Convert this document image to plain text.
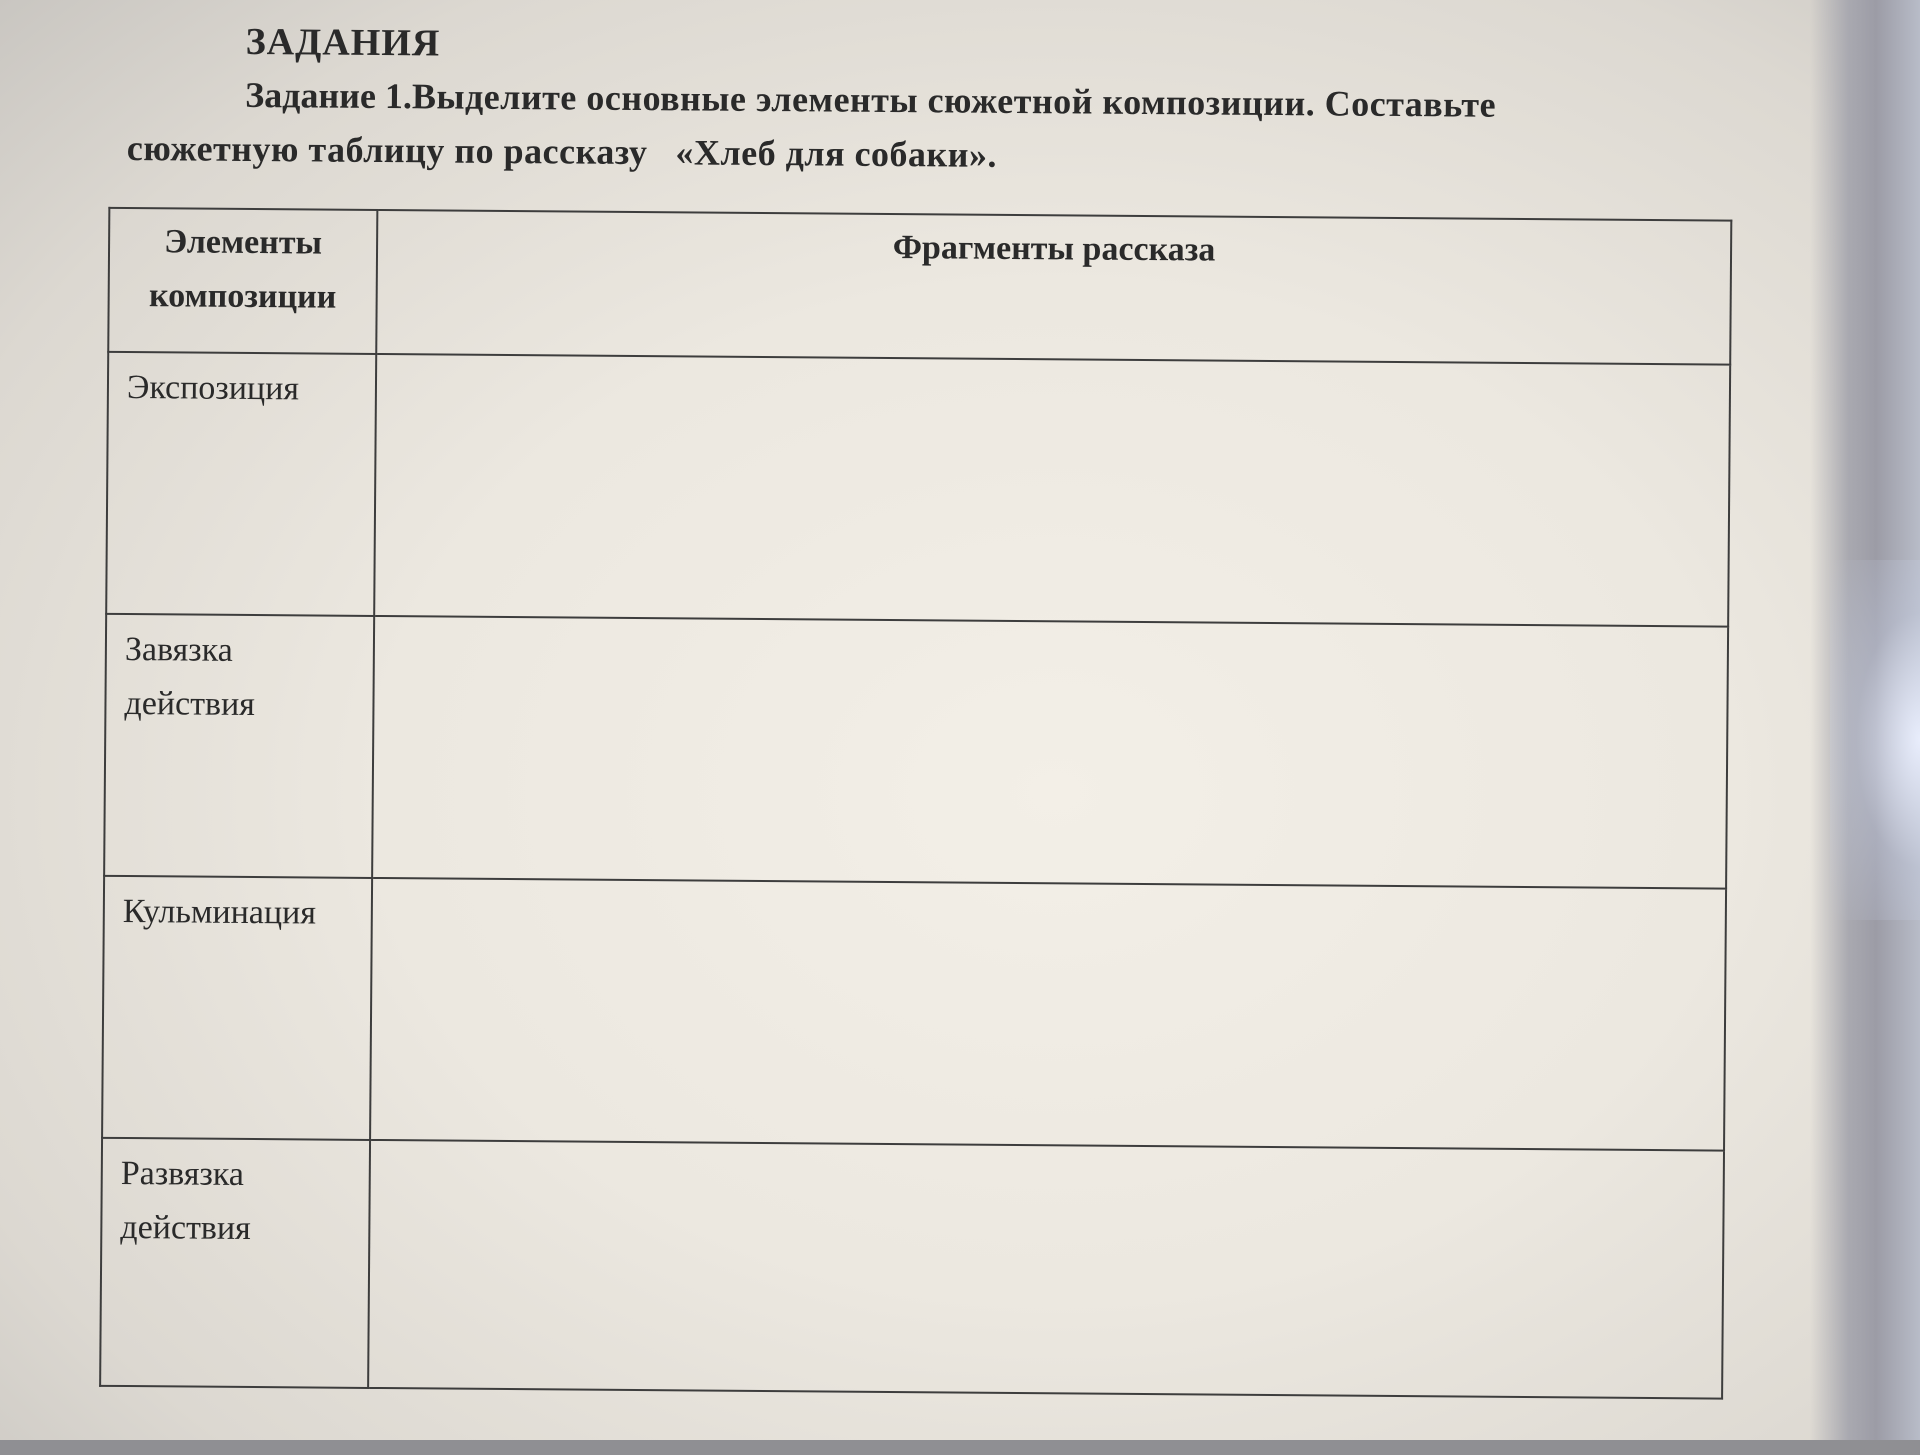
ЗАДАНИЯ

Задание 1.Выделите основные элементы сюжетной композиции. Составьте

сюжетную таблицу по рассказу «Хлеб для собаки».

Элементы композиции	Фрагменты рассказа

Экспозиция	

Завязка действия	

Кульминация	

Развязка действия	
